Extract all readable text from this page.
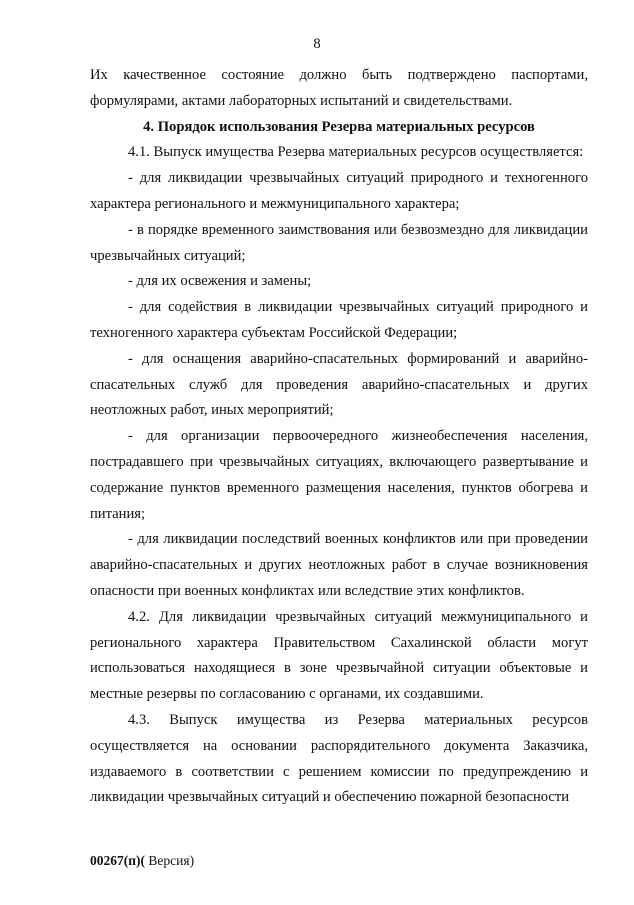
8

Их качественное состояние должно быть подтверждено паспортами, формулярами, актами лабораторных испытаний и свидетельствами.

4. Порядок использования Резерва материальных ресурсов

4.1. Выпуск имущества Резерва материальных ресурсов осуществляется:

- для ликвидации чрезвычайных ситуаций природного и техногенного характера регионального и межмуниципального характера;

- в порядке временного заимствования или безвозмездно для ликвидации чрезвычайных ситуаций;

- для их освежения и замены;

- для содействия в ликвидации чрезвычайных ситуаций природного и техногенного характера субъектам Российской Федерации;

- для оснащения аварийно-спасательных формирований и аварийно-спасательных служб для проведения аварийно-спасательных и других неотложных работ, иных мероприятий;

- для организации первоочередного жизнеобеспечения населения, пострадавшего при чрезвычайных ситуациях, включающего развертывание и содержание пунктов временного размещения населения, пунктов обогрева и питания;

- для ликвидации последствий военных конфликтов или при проведении аварийно-спасательных и других неотложных работ в случае возникновения опасности при военных конфликтах или вследствие этих конфликтов.

4.2. Для ликвидации чрезвычайных ситуаций межмуниципального и регионального характера Правительством Сахалинской области могут использоваться находящиеся в зоне чрезвычайной ситуации объектовые и местные резервы по согласованию с органами, их создавшими.

4.3. Выпуск имущества из Резерва материальных ресурсов осуществляется на основании распорядительного документа Заказчика, издаваемого в соответствии с решением комиссии по предупреждению и ликвидации чрезвычайных ситуаций и обеспечению пожарной безопасности

00267(п)( Версия)
